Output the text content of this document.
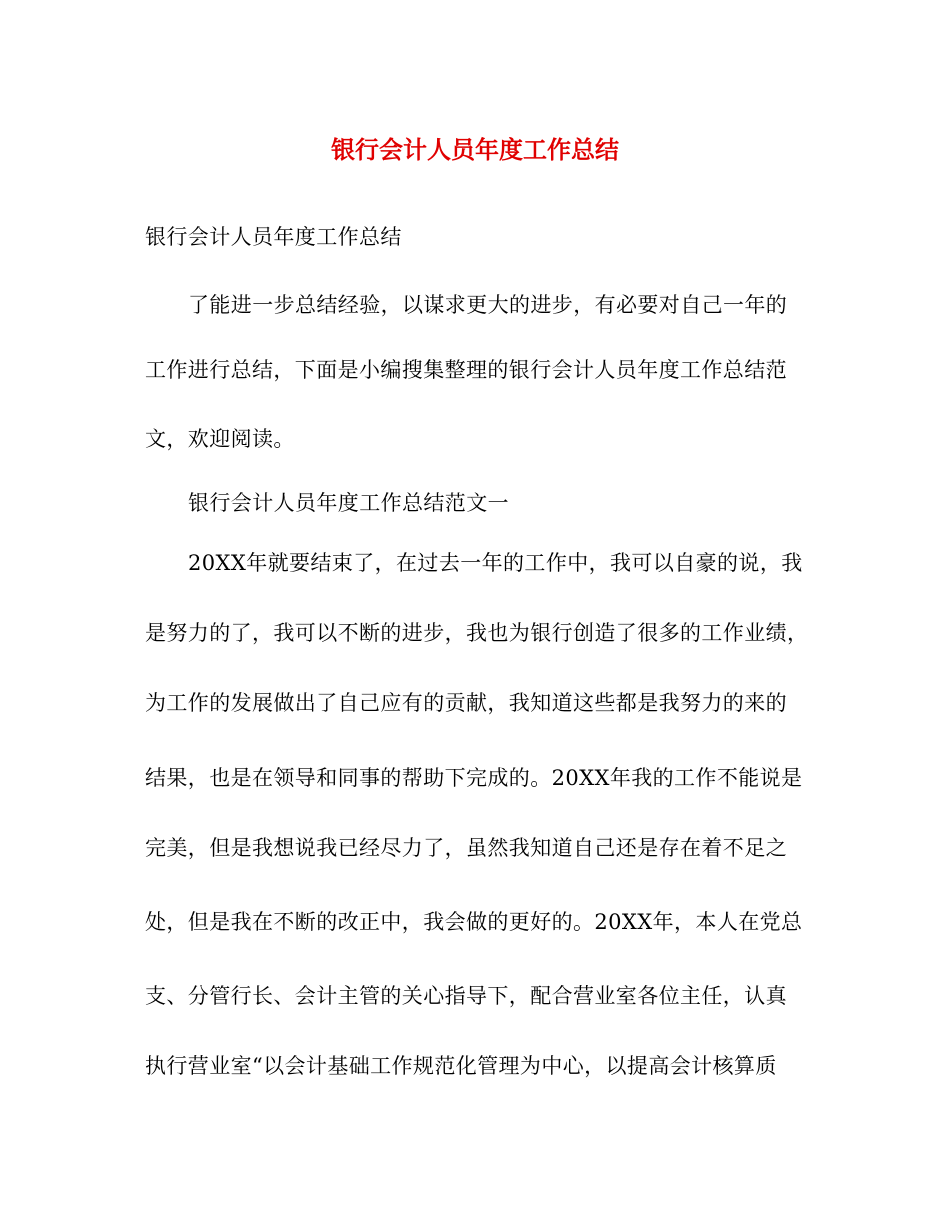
银行会计人员年度工作总结
银行会计人员年度工作总结
了能进一步总结经验，以谋求更大的进步，有必要对自己一年的
工作进行总结，下面是小编搜集整理的银行会计人员年度工作总结范
文，欢迎阅读。
银行会计人员年度工作总结范文一
20XX年就要结束了，在过去一年的工作中，我可以自豪的说，我
是努力的了，我可以不断的进步，我也为银行创造了很多的工作业绩，
为工作的发展做出了自己应有的贡献，我知道这些都是我努力的来的
结果，也是在领导和同事的帮助下完成的。20XX年我的工作不能说是
完美，但是我想说我已经尽力了，虽然我知道自己还是存在着不足之
处，但是我在不断的改正中，我会做的更好的。20XX年，本人在党总
支、分管行长、会计主管的关心指导下，配合营业室各位主任，认真
执行营业室“以会计基础工作规范化管理为中心，以提高会计核算质
